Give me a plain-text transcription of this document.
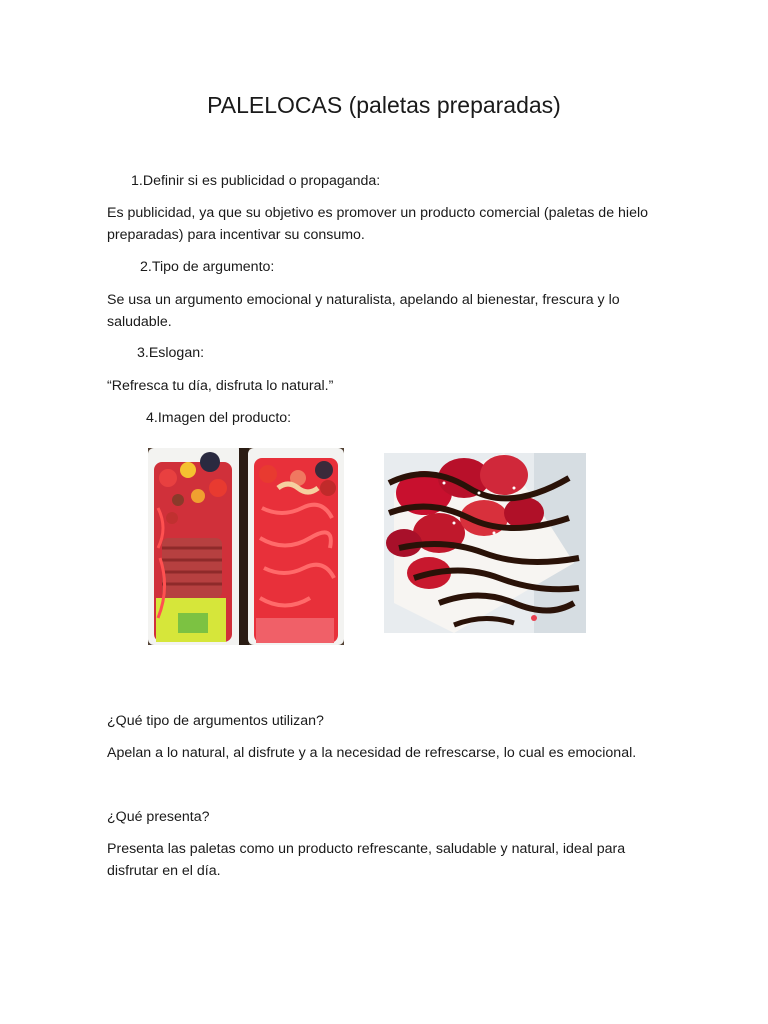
PALELOCAS (paletas preparadas)

1.Definir si es publicidad o propaganda:

Es publicidad, ya que su objetivo es promover un producto comercial (paletas de hielo preparadas) para incentivar su consumo.

2.Tipo de argumento:

Se usa un argumento emocional y naturalista, apelando al bienestar, frescura y lo saludable.

3.Eslogan:

“Refresca tu día, disfruta lo natural.”

4.Imagen del producto:

¿Qué tipo de argumentos utilizan?

Apelan a lo natural, al disfrute y a la necesidad de refrescarse, lo cual es emocional.

¿Qué presenta?

Presenta las paletas como un producto refrescante, saludable y natural, ideal para disfrutar en el día.
